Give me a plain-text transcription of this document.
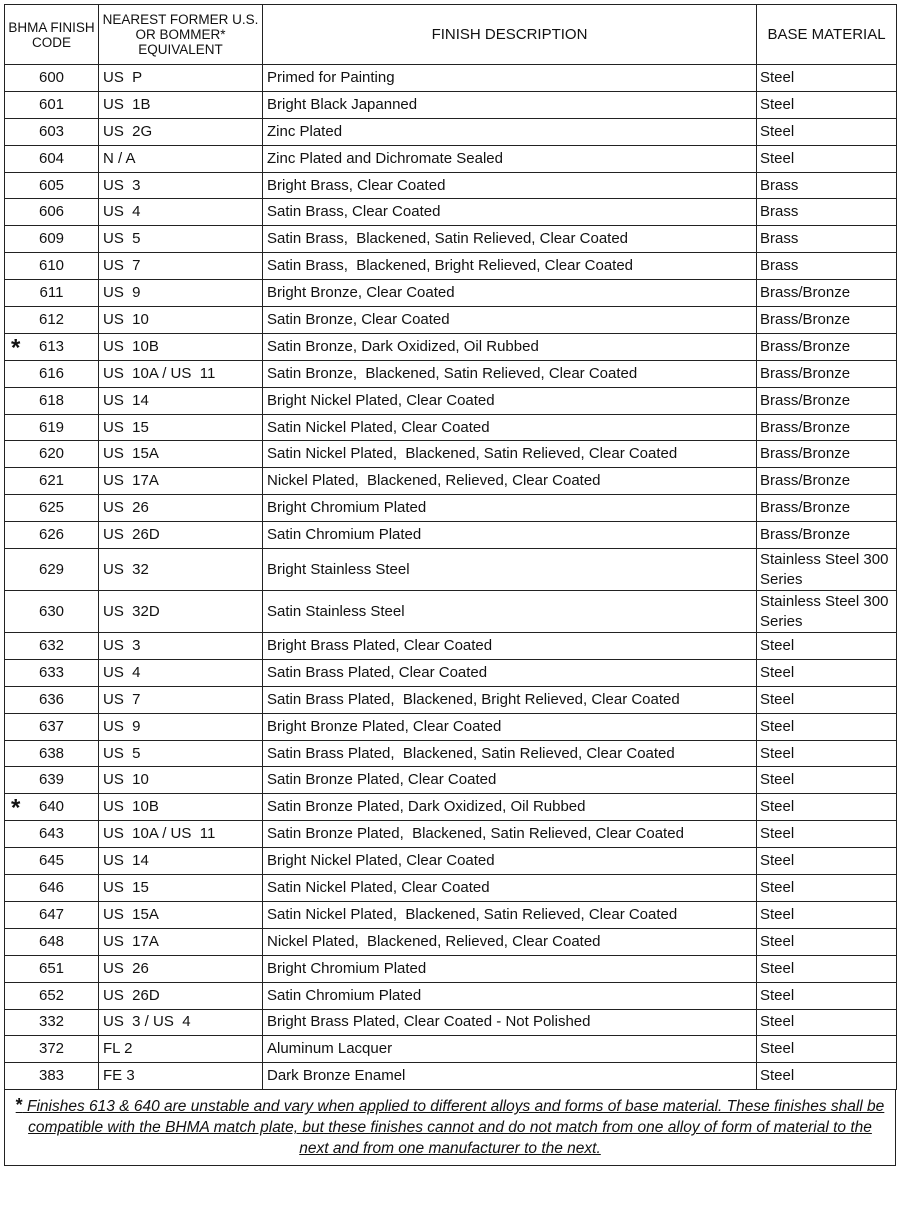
BHMA FINISH CODE	NEAREST FORMER U.S. OR BOMMER* EQUIVALENT	FINISH DESCRIPTION	BASE MATERIAL
600	US  P	Primed for Painting	Steel
601	US  1B	Bright Black Japanned	Steel
603	US  2G	Zinc Plated	Steel
604	N / A	Zinc Plated and Dichromate Sealed	Steel
605	US  3	Bright Brass, Clear Coated	Brass
606	US  4	Satin Brass, Clear Coated	Brass
609	US  5	Satin Brass,  Blackened, Satin Relieved, Clear Coated	Brass
610	US  7	Satin Brass,  Blackened, Bright Relieved, Clear Coated	Brass
611	US  9	Bright Bronze, Clear Coated	Brass/Bronze
612	US  10	Satin Bronze, Clear Coated	Brass/Bronze

* 613	US  10B	Satin Bronze, Dark Oxidized, Oil Rubbed	Brass/Bronze
616	US  10A / US  11	Satin Bronze,  Blackened, Satin Relieved, Clear Coated	Brass/Bronze
618	US  14	Bright Nickel Plated, Clear Coated	Brass/Bronze
619	US  15	Satin Nickel Plated, Clear Coated	Brass/Bronze
620	US  15A	Satin Nickel Plated,  Blackened, Satin Relieved, Clear Coated	Brass/Bronze
621	US  17A	Nickel Plated,  Blackened, Relieved, Clear Coated	Brass/Bronze
625	US  26	Bright Chromium Plated	Brass/Bronze
626	US  26D	Satin Chromium Plated	Brass/Bronze
629	US  32	Bright Stainless Steel	Stainless Steel 300 Series
630	US  32D	Satin Stainless Steel	Stainless Steel 300 Series
632	US  3	Bright Brass Plated, Clear Coated	Steel
633	US  4	Satin Brass Plated, Clear Coated	Steel
636	US  7	Satin Brass Plated,  Blackened, Bright Relieved, Clear Coated	Steel
637	US  9	Bright Bronze Plated, Clear Coated	Steel
638	US  5	Satin Brass Plated,  Blackened, Satin Relieved, Clear Coated	Steel
639	US  10	Satin Bronze Plated, Clear Coated	Steel

* 640	US  10B	Satin Bronze Plated, Dark Oxidized, Oil Rubbed	Steel
643	US  10A / US  11	Satin Bronze Plated,  Blackened, Satin Relieved, Clear Coated	Steel
645	US  14	Bright Nickel Plated, Clear Coated	Steel
646	US  15	Satin Nickel Plated, Clear Coated	Steel
647	US  15A	Satin Nickel Plated,  Blackened, Satin Relieved, Clear Coated	Steel
648	US  17A	Nickel Plated,  Blackened, Relieved, Clear Coated	Steel
651	US  26	Bright Chromium Plated	Steel
652	US  26D	Satin Chromium Plated	Steel
332	US  3 / US  4	Bright Brass Plated, Clear Coated - Not Polished	Steel
372	FL 2	Aluminum Lacquer	Steel
383	FE 3	Dark Bronze Enamel	Steel
* Finishes 613 & 640 are unstable and vary when applied to different alloys and forms of base material. These finishes shall be compatible with the BHMA match plate, but these finishes cannot and do not match from one alloy of form of material to the next and from one manufacturer to the next.
